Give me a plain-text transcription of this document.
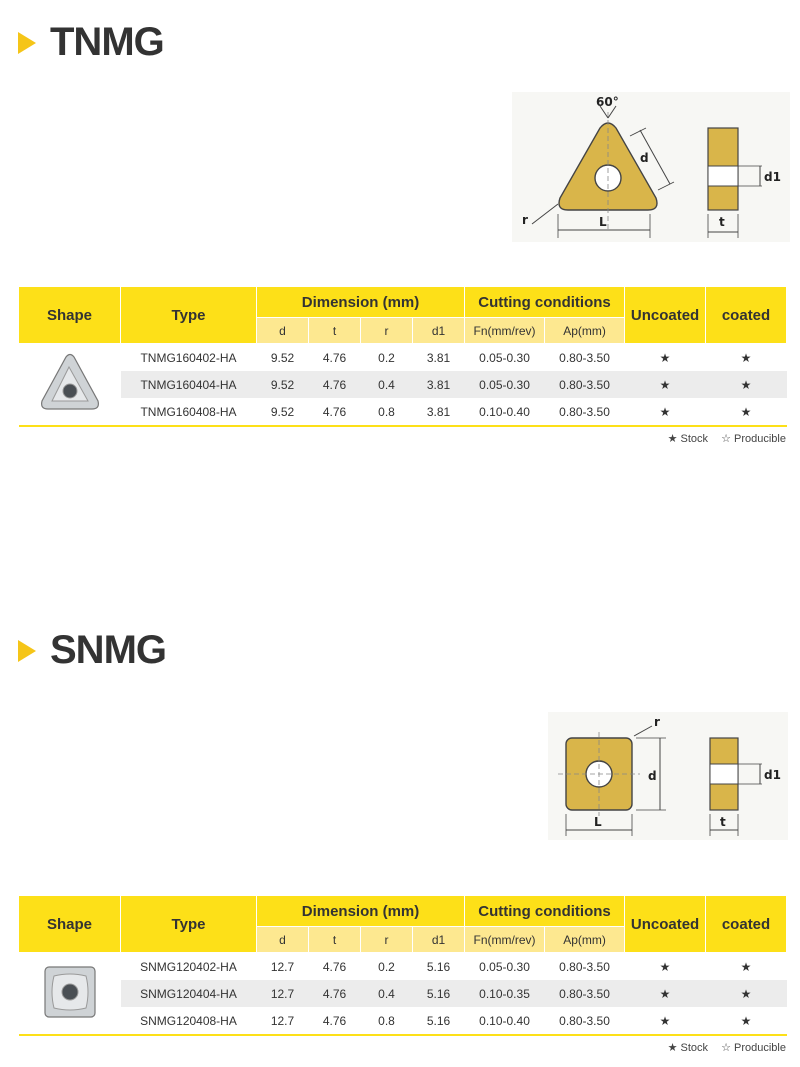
TNMG
60°
d
r	L
d1
t
Shape	Type	Dimension (mm)				Cutting conditions		Uncoated	coated
		d	t	r	d1	Fn(mm/rev)	Ap(mm)		
	TNMG160402-HA	9.52	4.76	0.2	3.81	0.05-0.30	0.80-3.50	★	★
	TNMG160404-HA	9.52	4.76	0.4	3.81	0.05-0.30	0.80-3.50	★	★
	TNMG160408-HA	9.52	4.76	0.8	3.81	0.10-0.40	0.80-3.50	★	★
★ Stock ☆ Producible
SNMG
r
d
L
d1
t
Shape	Type	Dimension (mm)				Cutting conditions		Uncoated	coated
		d	t	r	d1	Fn(mm/rev)	Ap(mm)		
	SNMG120402-HA	12.7	4.76	0.2	5.16	0.05-0.30	0.80-3.50	★	★
	SNMG120404-HA	12.7	4.76	0.4	5.16	0.10-0.35	0.80-3.50	★	★
	SNMG120408-HA	12.7	4.76	0.8	5.16	0.10-0.40	0.80-3.50	★	★
★ Stock ☆ Producible
